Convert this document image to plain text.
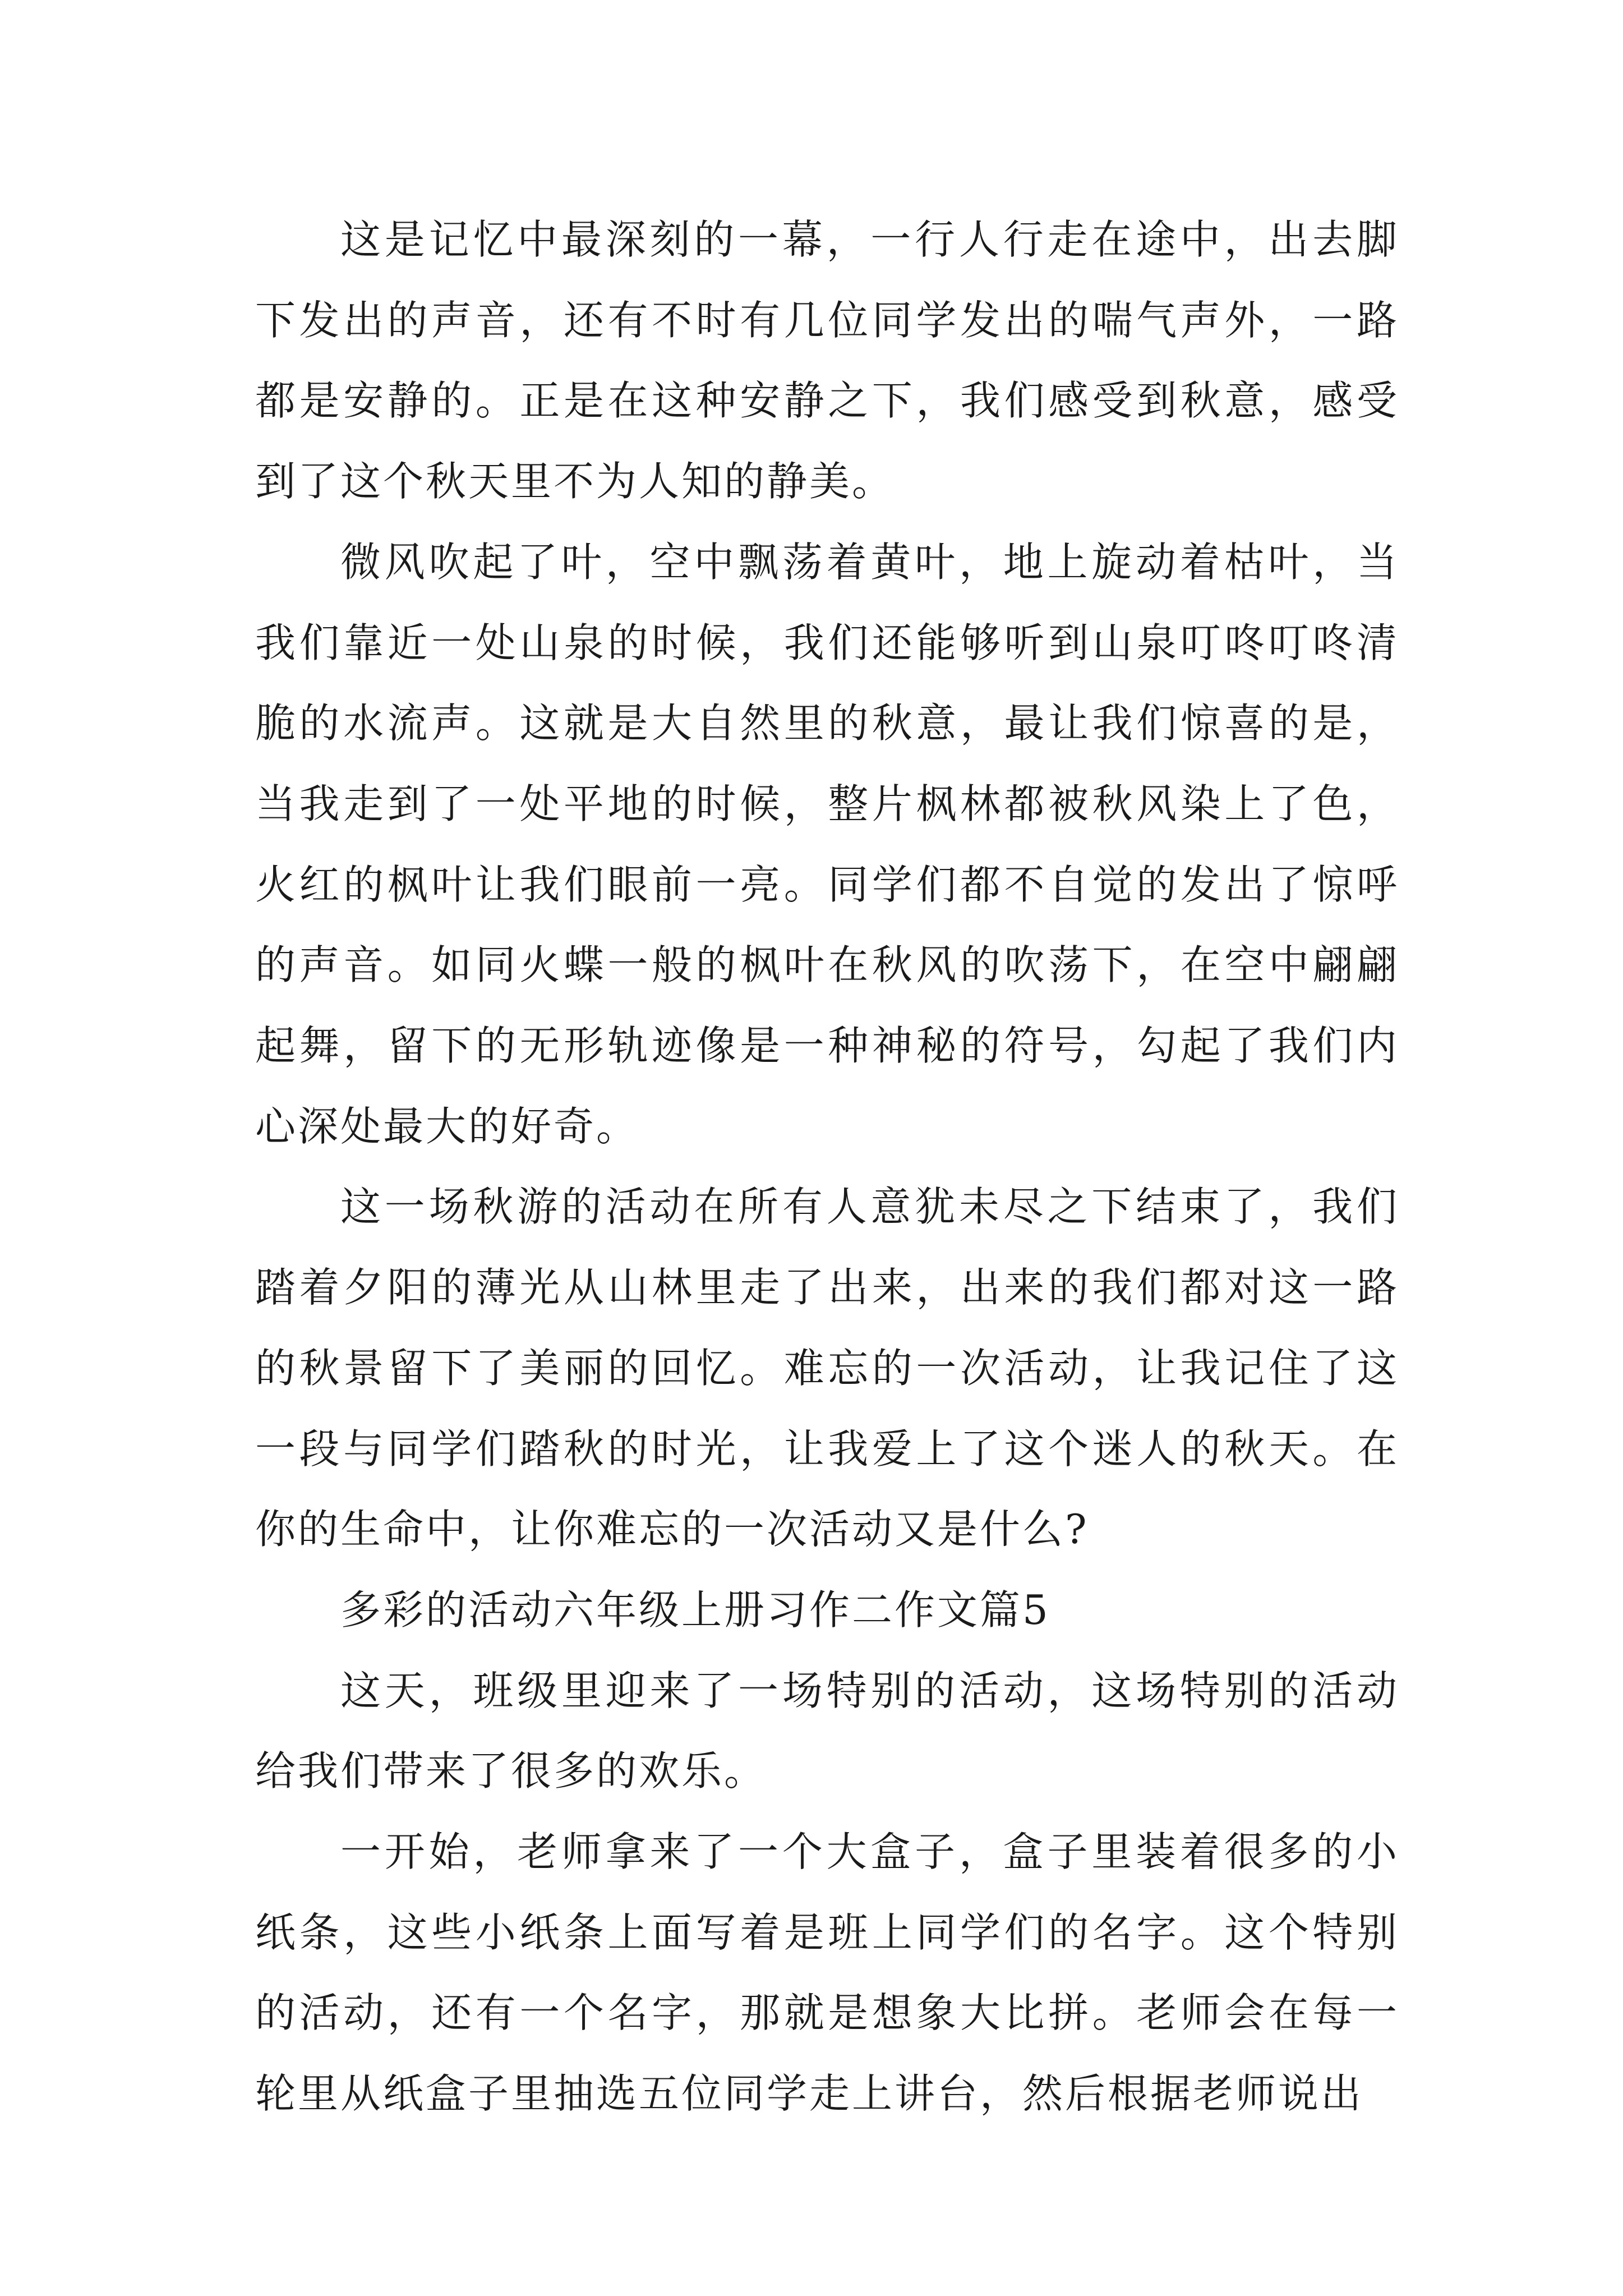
这是记忆中最深刻的一幕，一行人行走在途中，出去脚下发出的声音，还有不时有几位同学发出的喘气声外，一路都是安静的。正是在这种安静之下，我们感受到秋意，感受到了这个秋天里不为人知的静美。

微风吹起了叶，空中飘荡着黄叶，地上旋动着枯叶，当我们靠近一处山泉的时候，我们还能够听到山泉叮咚叮咚清脆的水流声。这就是大自然里的秋意，最让我们惊喜的是，当我走到了一处平地的时候，整片枫林都被秋风染上了色，火红的枫叶让我们眼前一亮。同学们都不自觉的发出了惊呼的声音。如同火蝶一般的枫叶在秋风的吹荡下，在空中翩翩起舞，留下的无形轨迹像是一种神秘的符号，勾起了我们内心深处最大的好奇。

这一场秋游的活动在所有人意犹未尽之下结束了，我们踏着夕阳的薄光从山林里走了出来，出来的我们都对这一路的秋景留下了美丽的回忆。难忘的一次活动，让我记住了这一段与同学们踏秋的时光，让我爱上了这个迷人的秋天。在你的生命中，让你难忘的一次活动又是什么?

多彩的活动六年级上册习作二作文篇5

这天，班级里迎来了一场特别的活动，这场特别的活动给我们带来了很多的欢乐。

一开始，老师拿来了一个大盒子，盒子里装着很多的小纸条，这些小纸条上面写着是班上同学们的名字。这个特别的活动，还有一个名字，那就是想象大比拼。老师会在每一轮里从纸盒子里抽选五位同学走上讲台，然后根据老师说出
